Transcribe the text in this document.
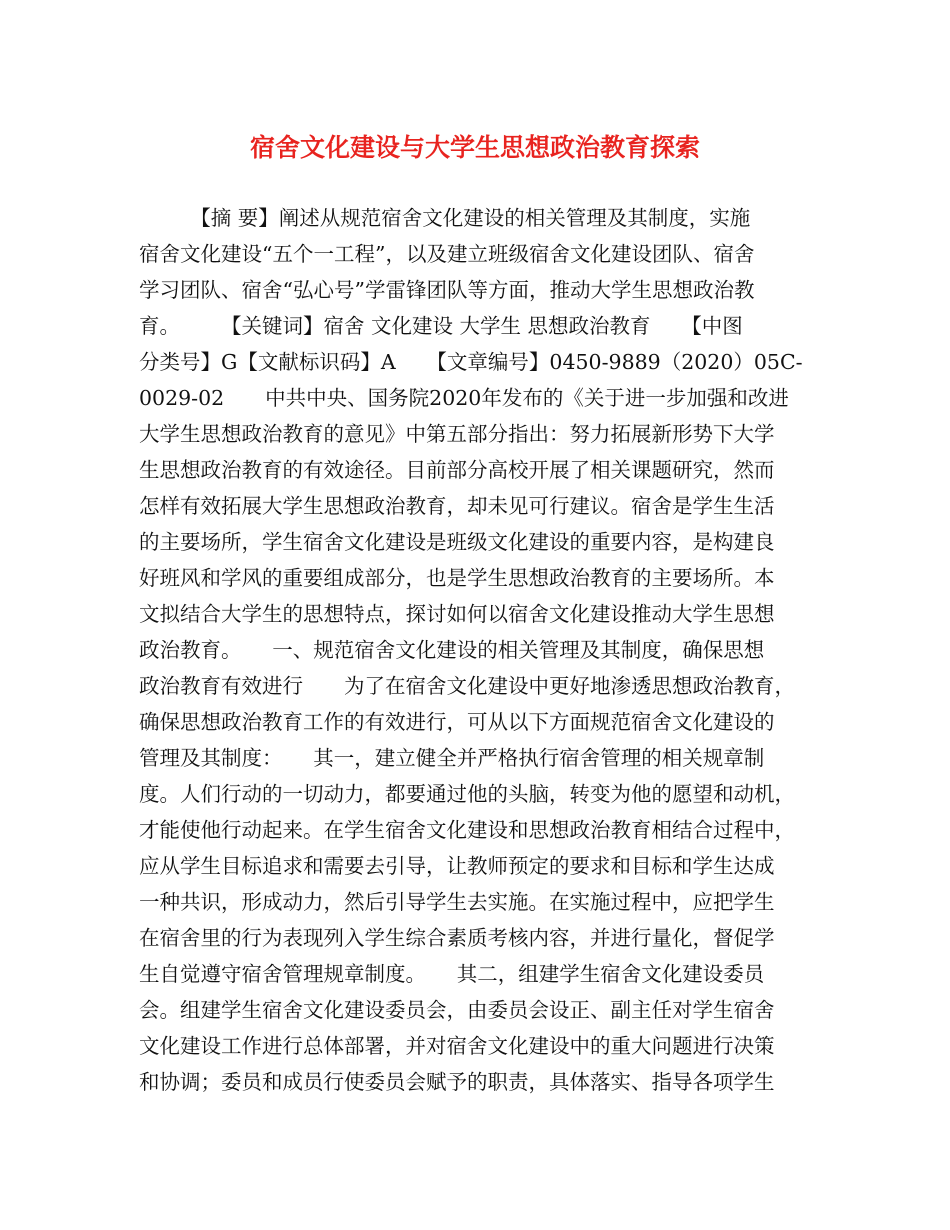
宿舍文化建设与大学生思想政治教育探索
　　　【摘 要】阐述从规范宿舍文化建设的相关管理及其制度，实施
宿舍文化建设“五个一工程”，以及建立班级宿舍文化建设团队、宿舍
学习团队、宿舍“弘心号”学雷锋团队等方面，推动大学生思想政治教
育。　　　【关键词】宿舍 文化建设 大学生 思想政治教育　　【中图
分类号】G【文献标识码】A　　【文章编号】0450-9889（2020）05C-
0029-02　　中共中央、国务院2020年发布的《关于进一步加强和改进
大学生思想政治教育的意见》中第五部分指出：努力拓展新形势下大学
生思想政治教育的有效途径。目前部分高校开展了相关课题研究，然而
怎样有效拓展大学生思想政治教育，却未见可行建议。宿舍是学生生活
的主要场所，学生宿舍文化建设是班级文化建设的重要内容，是构建良
好班风和学风的重要组成部分，也是学生思想政治教育的主要场所。本
文拟结合大学生的思想特点，探讨如何以宿舍文化建设推动大学生思想
政治教育。　　一、规范宿舍文化建设的相关管理及其制度，确保思想
政治教育有效进行　　为了在宿舍文化建设中更好地渗透思想政治教育，
确保思想政治教育工作的有效进行，可从以下方面规范宿舍文化建设的
管理及其制度：　　其一，建立健全并严格执行宿舍管理的相关规章制
度。人们行动的一切动力，都要通过他的头脑，转变为他的愿望和动机，
才能使他行动起来。在学生宿舍文化建设和思想政治教育相结合过程中，
应从学生目标追求和需要去引导，让教师预定的要求和目标和学生达成
一种共识，形成动力，然后引导学生去实施。在实施过程中，应把学生
在宿舍里的行为表现列入学生综合素质考核内容，并进行量化，督促学
生自觉遵守宿舍管理规章制度。　　其二，组建学生宿舍文化建设委员
会。组建学生宿舍文化建设委员会，由委员会设正、副主任对学生宿舍
文化建设工作进行总体部署，并对宿舍文化建设中的重大问题进行决策
和协调；委员和成员行使委员会赋予的职责，具体落实、指导各项学生
